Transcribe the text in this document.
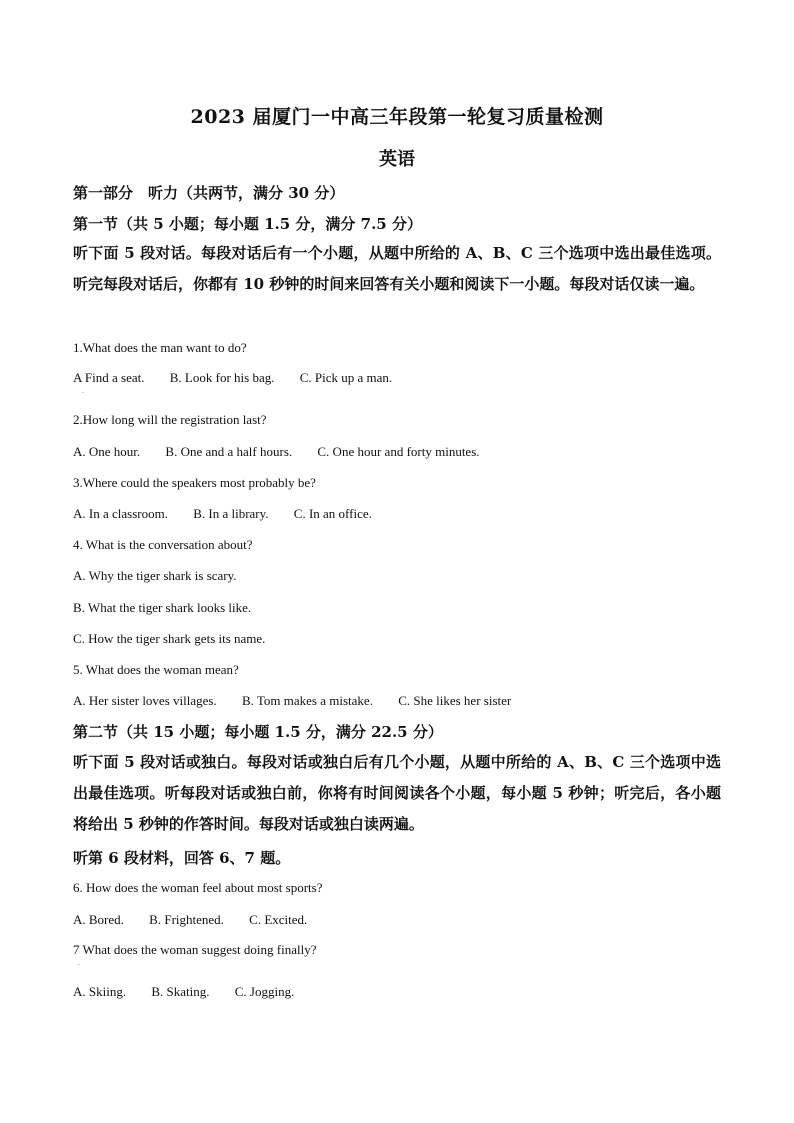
2023 届厦门一中高三年段第一轮复习质量检测
英语
第一部分　听力（共两节，满分 30 分）
第一节（共 5 小题；每小题 1.5 分，满分 7.5 分）
听下面 5 段对话。每段对话后有一个小题，从题中所给的 A、B、C 三个选项中选出最佳选项。听完每段对话后，你都有 10 秒钟的时间来回答有关小题和阅读下一小题。每段对话仅读一遍。
1.What does the man want to do?
A Find a seat. B. Look for his bag. C. Pick up a man.
.
2.How long will the registration last?
A. One hour. B. One and a half hours. C. One hour and forty minutes.
3.Where could the speakers most probably be?
A. In a classroom. B. In a library. C. In an office.
4. What is the conversation about?
A. Why the tiger shark is scary.
B. What the tiger shark looks like.
C. How the tiger shark gets its name.
5. What does the woman mean?
A. Her sister loves villages. B. Tom makes a mistake. C. She likes her sister
第二节（共 15 小题；每小题 1.5 分，满分 22.5 分）
听下面 5 段对话或独白。每段对话或独白后有几个小题，从题中所给的 A、B、C 三个选项中选出最佳选项。听每段对话或独白前，你将有时间阅读各个小题，每小题 5 秒钟；听完后，各小题将给出 5 秒钟的作答时间。每段对话或独白读两遍。
听第 6 段材料，回答 6、7 题。
6. How does the woman feel about most sports?
A. Bored. B. Frightened. C. Excited.
7 What does the woman suggest doing finally?
.
A. Skiing. B. Skating. C. Jogging.
